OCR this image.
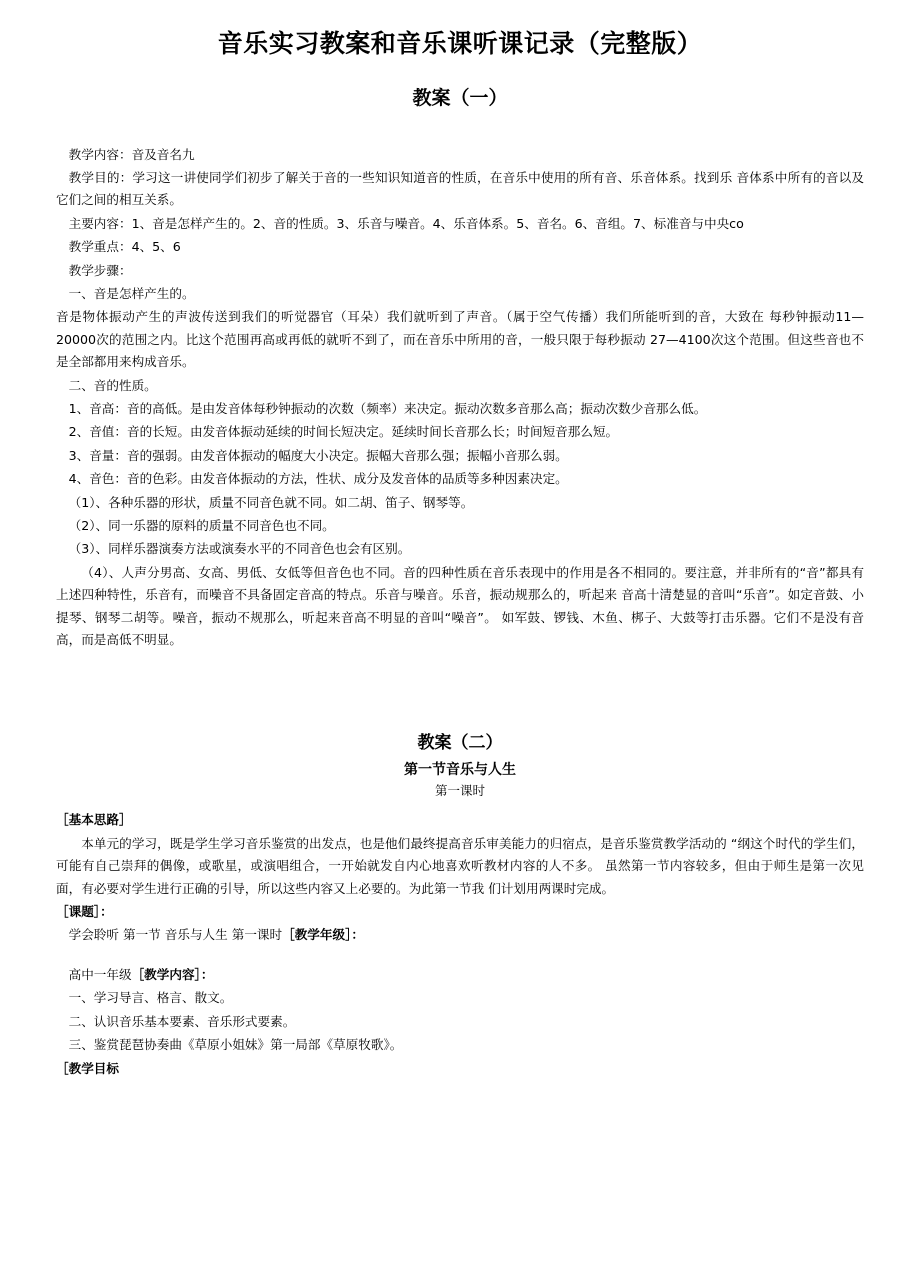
音乐实习教案和音乐课听课记录（完整版）
教案（一）

教学内容：音及音名九

教学目的：学习这一讲使同学们初步了解关于音的一些知识知道音的性质，在音乐中使用的所有音、乐音体系。找到乐 音体系中所有的音以及它们之间的相互关系。

主要内容：1、音是怎样产生的。2、音的性质。3、乐音与噪音。4、乐音体系。5、音名。6、音组。7、标准音与中央co

教学重点：4、5、6

教学步骤：

一、音是怎样产生的。

音是物体振动产生的声波传送到我们的听觉器官（耳朵）我们就听到了声音。（属于空气传播）我们所能听到的音，大致在 每秒钟振动11—20000次的范围之内。比这个范围再高或再低的就听不到了，而在音乐中所用的音，一般只限于每秒振动 27—4100次这个范围。但这些音也不是全部都用来构成音乐。

二、音的性质。

1、音高：音的高低。是由发音体每秒钟振动的次数（频率）来决定。振动次数多音那么高；振动次数少音那么低。

2、音值：音的长短。由发音体振动延续的时间长短决定。延续时间长音那么长；时间短音那么短。

3、音量：音的强弱。由发音体振动的幅度大小决定。振幅大音那么强；振幅小音那么弱。

4、音色：音的色彩。由发音体振动的方法，性状、成分及发音体的品质等多种因素决定。

（1）、各种乐器的形状，质量不同音色就不同。如二胡、笛子、钢琴等。

（2）、同一乐器的原料的质量不同音色也不同。

（3）、同样乐器演奏方法或演奏水平的不同音色也会有区别。

（4）、人声分男高、女高、男低、女低等但音色也不同。音的四种性质在音乐表现中的作用是各不相同的。要注意，并非所有的“音”都具有上述四种特性，乐音有，而噪音不具备固定音高的特点。乐音与噪音。乐音，振动规那么的，听起来 音高十清楚显的音叫“乐音”。如定音鼓、小提琴、钢琴二胡等。噪音，振动不规那么，听起来音高不明显的音叫“噪音”。 如军鼓、锣钱、木鱼、梆子、大鼓等打击乐器。它们不是没有音高，而是高低不明显。

教案（二）
第一节音乐与人生
第一课时

［基本思路］

本单元的学习，既是学生学习音乐鉴赏的出发点，也是他们最终提高音乐审美能力的归宿点，是音乐鉴赏教学活动的 “纲这个时代的学生们，可能有自己崇拜的偶像，或歌星，或演唱组合，一开始就发自内心地喜欢听教材内容的人不多。 虽然第一节内容较多，但由于师生是第一次见面，有必要对学生进行正确的引导，所以这些内容又上必要的。为此第一节我 们计划用两课时完成。

［课题］：

学会聆听 第一节 音乐与人生 第一课时［教学年级］：

高中一年级［教学内容］：

一、学习导言、格言、散文。

二、认识音乐基本要素、音乐形式要素。

三、鉴赏琵琶协奏曲《草原小姐妹》第一局部《草原牧歌》。

［教学目标
